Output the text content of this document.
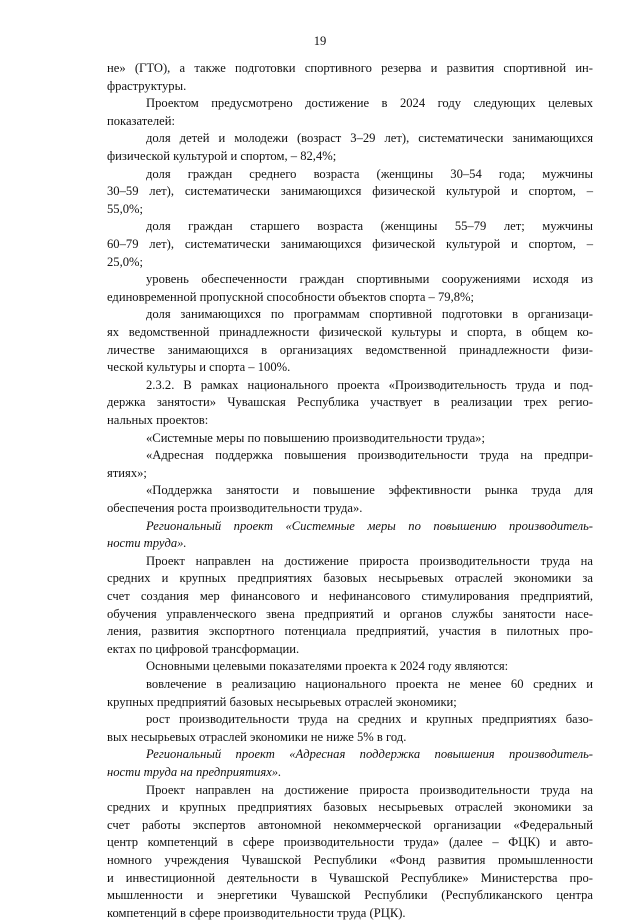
19
не» (ГТО), а также подготовки спортивного резерва и развития спортивной ин-
фраструктуры.
Проектом предусмотрено достижение в 2024 году следующих целевых
показателей:
доля детей и молодежи (возраст 3–29 лет), систематически занимающихся
физической культурой и спортом, – 82,4%;
доля граждан среднего возраста (женщины 30–54 года; мужчины
30–59 лет), систематически занимающихся физической культурой и спортом, –
55,0%;
доля граждан старшего возраста (женщины 55–79 лет; мужчины
60–79 лет), систематически занимающихся физической культурой и спортом, –
25,0%;
уровень обеспеченности граждан спортивными сооружениями исходя из
единовременной пропускной способности объектов спорта – 79,8%;
доля занимающихся по программам спортивной подготовки в организаци-
ях ведомственной принадлежности физической культуры и спорта, в общем ко-
личестве занимающихся в организациях ведомственной принадлежности физи-
ческой культуры и спорта – 100%.
2.3.2. В рамках национального проекта «Производительность труда и под-
держка занятости» Чувашская Республика участвует в реализации трех регио-
нальных проектов:
«Системные меры по повышению производительности труда»;
«Адресная поддержка повышения производительности труда на предпри-
ятиях»;
«Поддержка занятости и повышение эффективности рынка труда для
обеспечения роста производительности труда».
Региональный проект «Системные меры по повышению производитель-
ности труда».
Проект направлен на достижение прироста производительности труда на
средних и крупных предприятиях базовых несырьевых отраслей экономики за
счет создания мер финансового и нефинансового стимулирования предприятий,
обучения управленческого звена предприятий и органов службы занятости насе-
ления, развития экспортного потенциала предприятий, участия в пилотных про-
ектах по цифровой трансформации.
Основными целевыми показателями проекта к 2024 году являются:
вовлечение в реализацию национального проекта не менее 60 средних и
крупных предприятий базовых несырьевых отраслей экономики;
рост производительности труда на средних и крупных предприятиях базо-
вых несырьевых отраслей экономики не ниже 5% в год.
Региональный проект «Адресная поддержка повышения производитель-
ности труда на предприятиях».
Проект направлен на достижение прироста производительности труда на
средних и крупных предприятиях базовых несырьевых отраслей экономики за
счет работы экспертов автономной некоммерческой организации «Федеральный
центр компетенций в сфере производительности труда» (далее – ФЦК) и авто-
номного учреждения Чувашской Республики «Фонд развития промышленности
и инвестиционной деятельности в Чувашской Республике» Министерства про-
мышленности и энергетики Чувашской Республики (Республиканского центра
компетенций в сфере производительности труда (РЦК).
